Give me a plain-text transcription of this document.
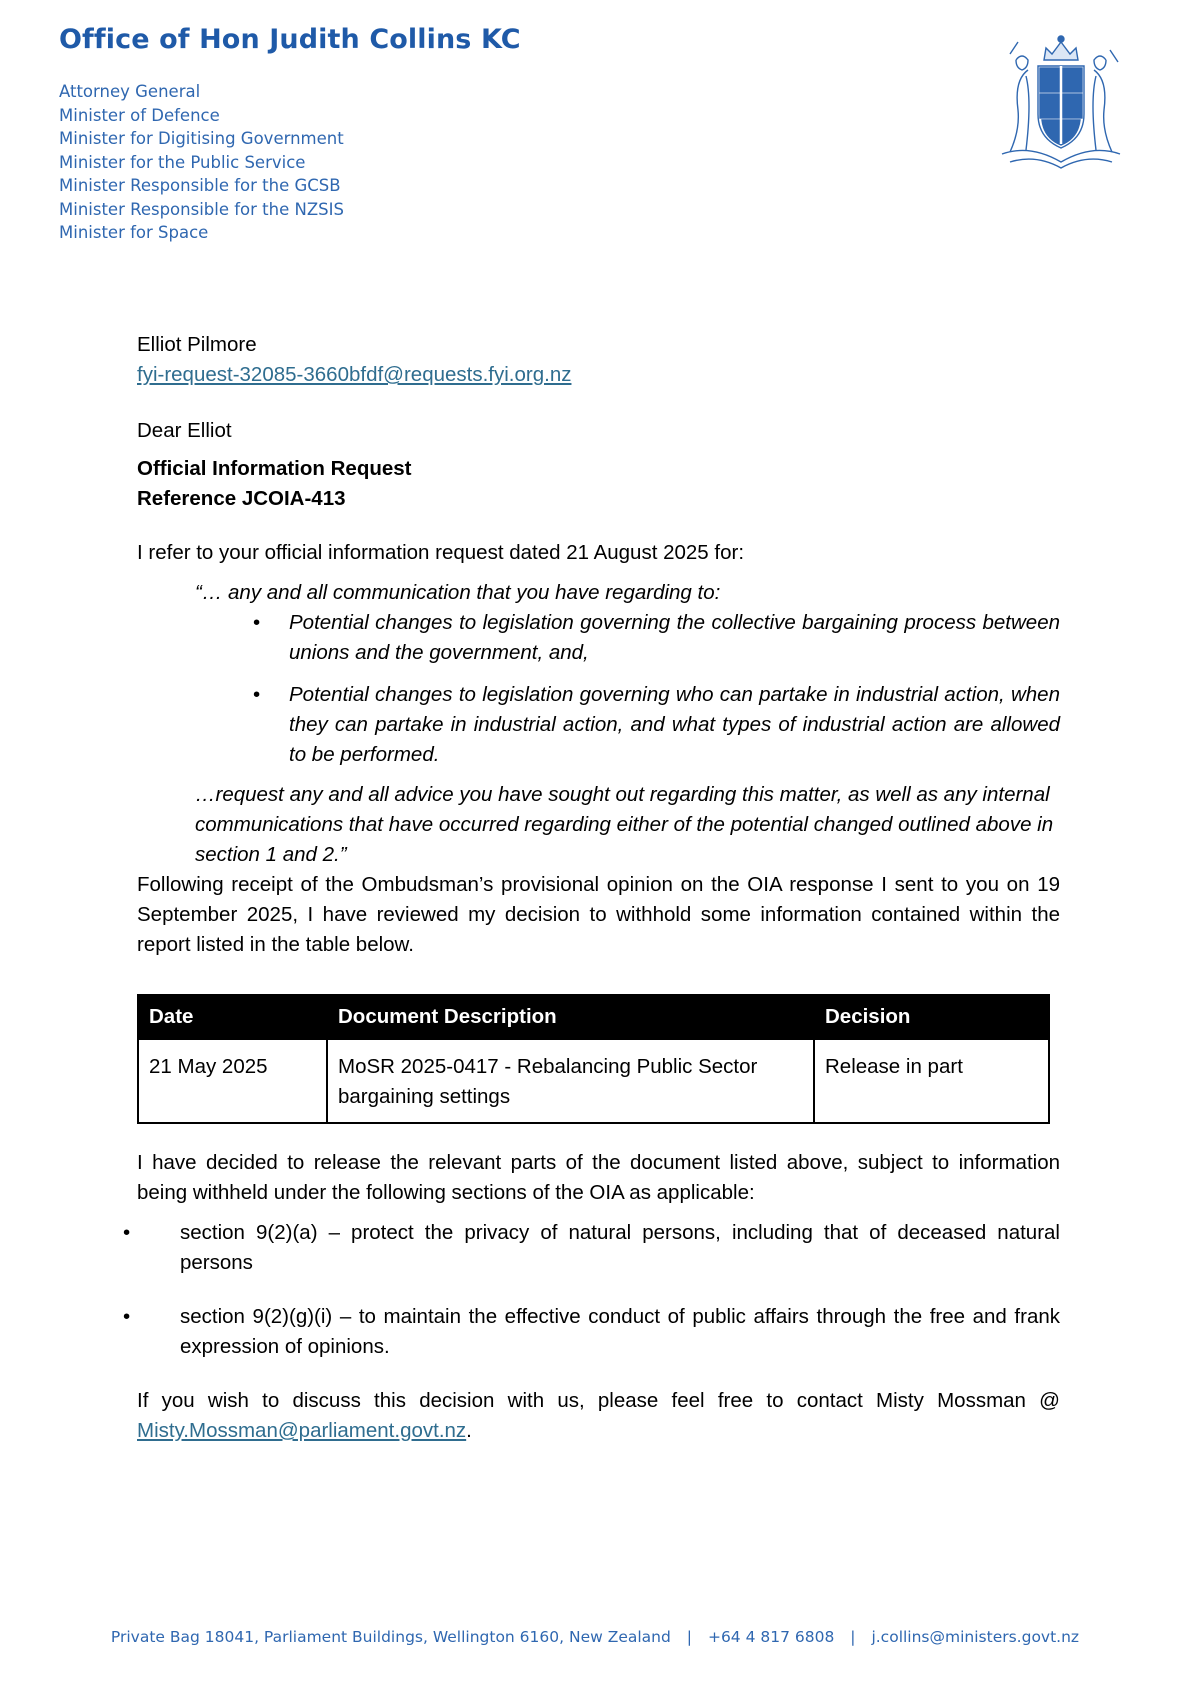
Office of Hon Judith Collins KC
Attorney General
Minister of Defence
Minister for Digitising Government
Minister for the Public Service
Minister Responsible for the GCSB
Minister Responsible for the NZSIS
Minister for Space

Elliot Pilmore

fyi-request-32085-3660bfdf@requests.fyi.org.nz

Dear Elliot

Official Information Request

Reference JCOIA-413

I refer to your official information request dated 21 August 2025 for:

“… any and all communication that you have regarding to:

• Potential changes to legislation governing the collective bargaining process between unions and the government, and,
• Potential changes to legislation governing who can partake in industrial action, when they can partake in industrial action, and what types of industrial action are allowed to be performed.

…request any and all advice you have sought out regarding this matter, as well as any internal communications that have occurred regarding either of the potential changed outlined above in section 1 and 2.”

Following receipt of the Ombudsman’s provisional opinion on the OIA response I sent to you on 19 September 2025, I have reviewed my decision to withhold some information contained within the report listed in the table below.

Date	Document Description	Decision
21 May 2025	MoSR 2025-0417 - Rebalancing Public Sector bargaining settings	Release in part

I have decided to release the relevant parts of the document listed above, subject to information being withheld under the following sections of the OIA as applicable:

• section 9(2)(a) – protect the privacy of natural persons, including that of deceased natural persons
• section 9(2)(g)(i) – to maintain the effective conduct of public affairs through the free and frank expression of opinions.

If you wish to discuss this decision with us, please feel free to contact Misty Mossman @ Misty.Mossman@parliament.govt.nz.

Private Bag 18041, Parliament Buildings, Wellington 6160, New Zealand | +64 4 817 6808 | j.collins@ministers.govt.nz
